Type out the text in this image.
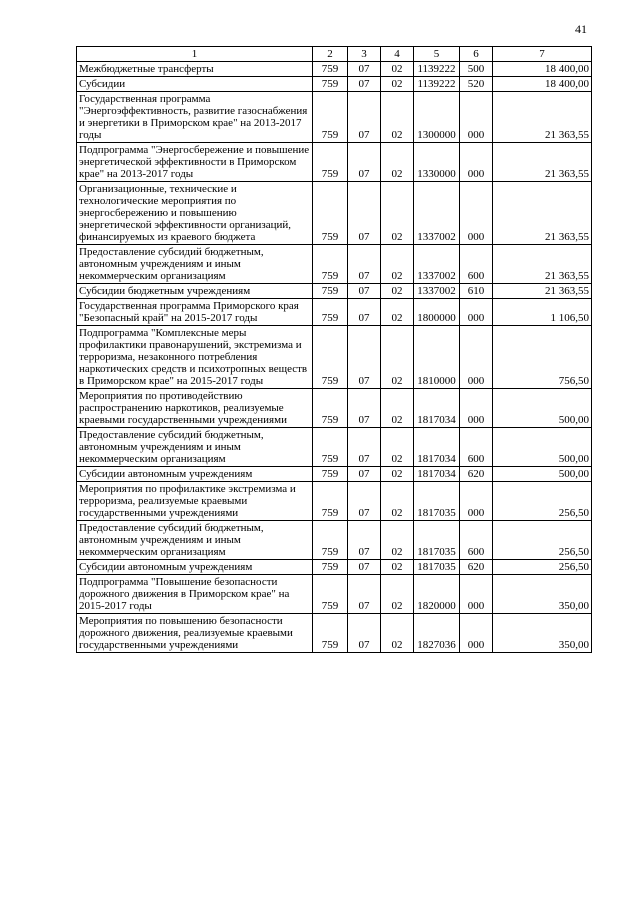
41
1	2	3	4	5	6	7
Межбюджетные трансферты	759	07	02	1139222	500	18 400,00
Субсидии	759	07	02	1139222	520	18 400,00
Государственная программа "Энергоэффективность, развитие газоснабжения и энергетики в Приморском крае" на 2013-2017 годы	759	07	02	1300000	000	21 363,55
Подпрограмма "Энергосбережение и повышение энергетической эффективности в Приморском крае" на 2013-2017 годы	759	07	02	1330000	000	21 363,55
Организационные, технические и технологические мероприятия по энергосбережению и повышению энергетической эффективности организаций, финансируемых из краевого бюджета	759	07	02	1337002	000	21 363,55
Предоставление субсидий бюджетным, автономным учреждениям и иным некоммерческим организациям	759	07	02	1337002	600	21 363,55
Субсидии бюджетным учреждениям	759	07	02	1337002	610	21 363,55
Государственная программа Приморского края "Безопасный край" на 2015-2017 годы	759	07	02	1800000	000	1 106,50
Подпрограмма "Комплексные меры профилактики правонарушений, экстремизма и терроризма, незаконного потребления наркотических средств и психотропных веществ в Приморском крае" на 2015-2017 годы	759	07	02	1810000	000	756,50
Мероприятия по противодействию распространению наркотиков, реализуемые краевыми государственными учреждениями	759	07	02	1817034	000	500,00
Предоставление субсидий бюджетным, автономным учреждениям и иным некоммерческим организациям	759	07	02	1817034	600	500,00
Субсидии автономным учреждениям	759	07	02	1817034	620	500,00
Мероприятия по профилактике экстремизма и терроризма, реализуемые краевыми государственными учреждениями	759	07	02	1817035	000	256,50
Предоставление субсидий бюджетным, автономным учреждениям и иным некоммерческим организациям	759	07	02	1817035	600	256,50
Субсидии автономным учреждениям	759	07	02	1817035	620	256,50
Подпрограмма "Повышение безопасности дорожного движения в Приморском крае" на 2015-2017 годы	759	07	02	1820000	000	350,00
Мероприятия по повышению безопасности дорожного движения, реализуемые краевыми государственными учреждениями	759	07	02	1827036	000	350,00
